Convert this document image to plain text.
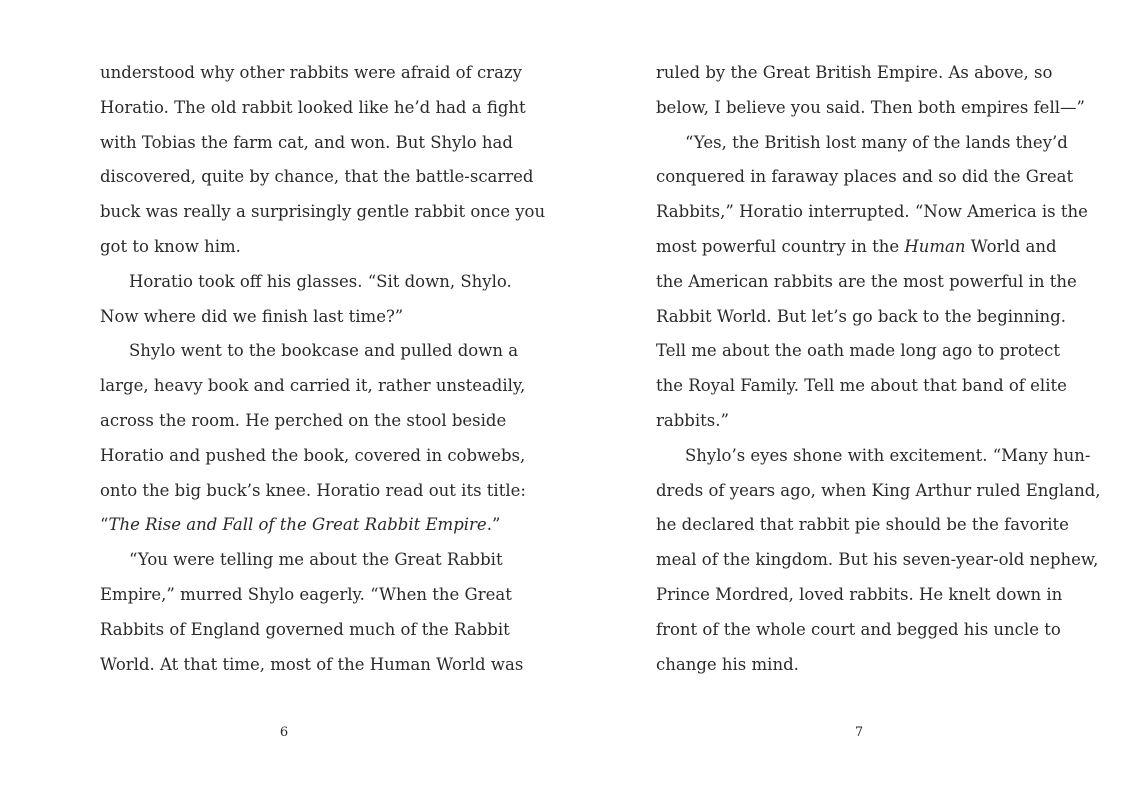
understood why other rabbits were afraid of crazy
Horatio. The old rabbit looked like he’d had a fight
with Tobias the farm cat, and won. But Shylo had
discovered, quite by chance, that the battle-scarred
buck was really a surprisingly gentle rabbit once you
got to know him.
Horatio took off his glasses. “Sit down, Shylo.
Now where did we finish last time?”
Shylo went to the bookcase and pulled down a
large, heavy book and carried it, rather unsteadily,
across the room. He perched on the stool beside
Horatio and pushed the book, covered in cobwebs,
onto the big buck’s knee. Horatio read out its title:
“The Rise and Fall of the Great Rabbit Empire.”
“You were telling me about the Great Rabbit
Empire,” murred Shylo eagerly. “When the Great
Rabbits of England governed much of the Rabbit
World. At that time, most of the Human World was
ruled by the Great British Empire. As above, so
below, I believe you said. Then both empires fell—”
“Yes, the British lost many of the lands they’d
conquered in faraway places and so did the Great
Rabbits,” Horatio interrupted. “Now America is the
most powerful country in the Human World and
the American rabbits are the most powerful in the
Rabbit World. But let’s go back to the beginning.
Tell me about the oath made long ago to protect
the Royal Family. Tell me about that band of elite
rabbits.”
Shylo’s eyes shone with excitement. “Many hun-
dreds of years ago, when King Arthur ruled England,
he declared that rabbit pie should be the favorite
meal of the kingdom. But his seven-year-old nephew,
Prince Mordred, loved rabbits. He knelt down in
front of the whole court and begged his uncle to
change his mind.
6	7
